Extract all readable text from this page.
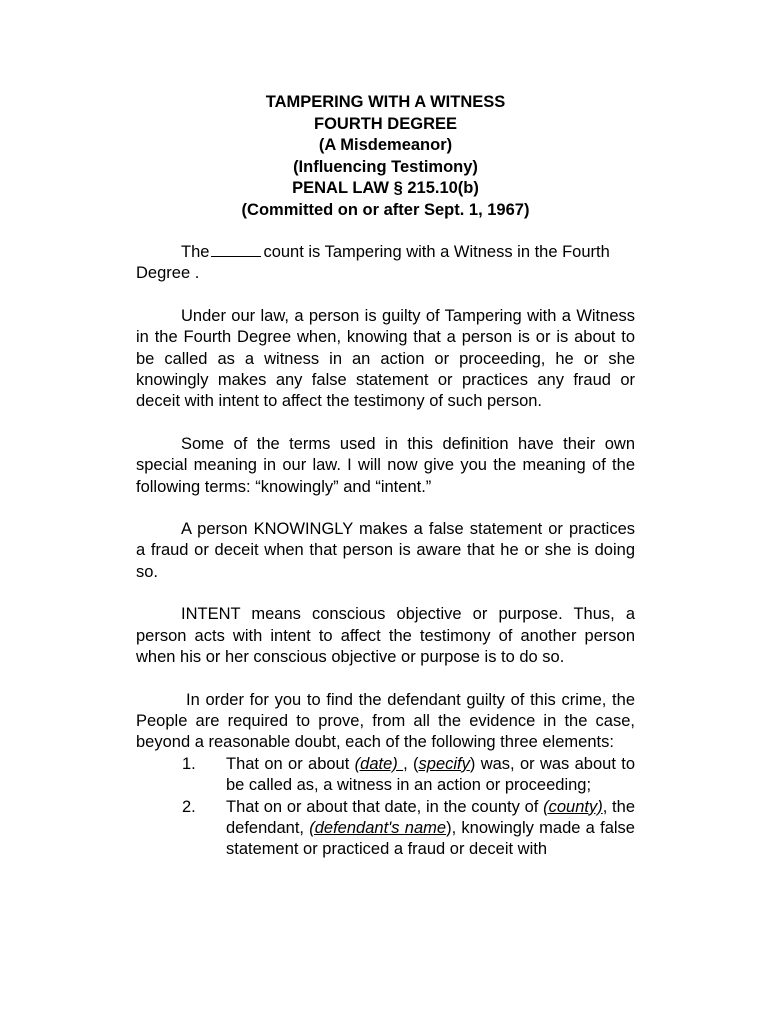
TAMPERING WITH A WITNESS
FOURTH DEGREE
(A Misdemeanor)
(Influencing Testimony)
PENAL LAW § 215.10(b)
(Committed on or after Sept. 1, 1967)

The	count is Tampering with a Witness in the Fourth
Degree .

Under our law, a person is guilty of Tampering with a Witness in the Fourth Degree when, knowing that a person is or is about to be called as a witness in an action or proceeding, he or she knowingly makes any false statement or practices any fraud or deceit with intent to affect the testimony of such person.

Some of the terms used in this definition have their own special meaning in our law. I will now give you the meaning of the following terms: “knowingly” and “intent.”

A person KNOWINGLY makes a false statement or practices a fraud or deceit when that person is aware that he or she is doing so.

INTENT means conscious objective or purpose. Thus, a person acts with intent to affect the testimony of another person when his or her conscious objective or purpose is to do so.

In order for you to find the defendant guilty of this crime, the People are required to prove, from all the evidence in the case, beyond a reasonable doubt, each of the following three elements:

1. That on or about (date) , (specify) was, or was about to be called as, a witness in an action or proceeding;
2. That on or about that date, in the county of (county), the defendant, (defendant's name), knowingly made a false statement or practiced a fraud or deceit with
